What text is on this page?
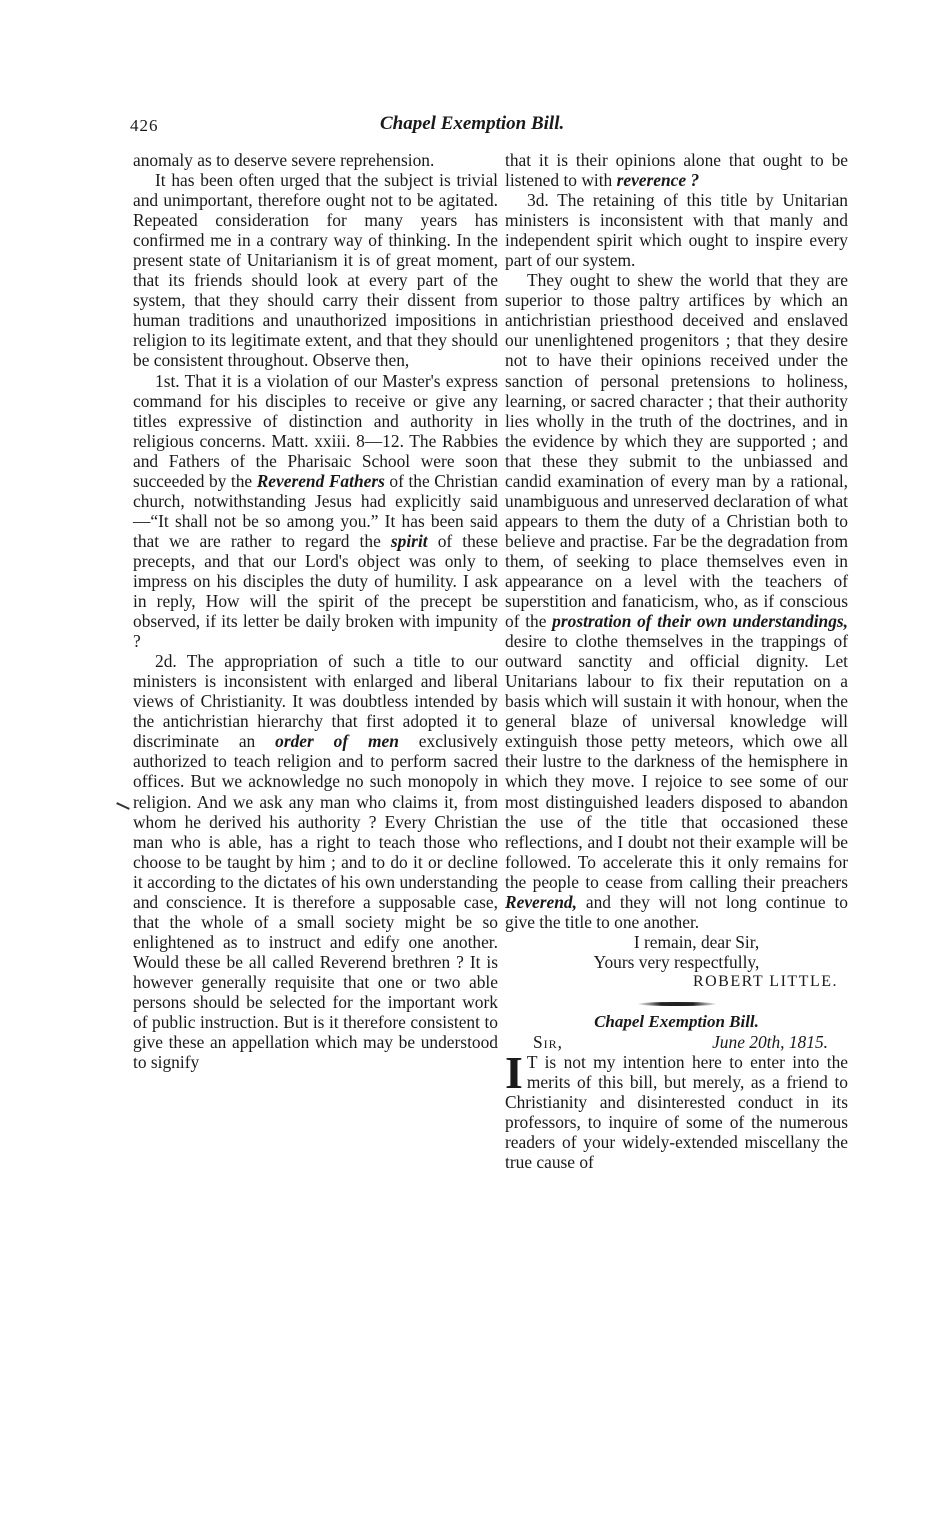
426	Chapel Exemption Bill.

anomaly as to deserve severe reprehension.

It has been often urged that the subject is trivial and unimportant, therefore ought not to be agitated. Repeated consideration for many years has confirmed me in a contrary way of thinking. In the present state of Unitarianism it is of great moment, that its friends should look at every part of the system, that they should carry their dissent from human traditions and unauthorized impositions in religion to its legitimate extent, and that they should be consistent throughout. Observe then,

1st. That it is a violation of our Master's express command for his disciples to receive or give any titles expressive of distinction and authority in religious concerns. Matt. xxiii. 8—12. The Rabbies and Fathers of the Pharisaic School were soon succeeded by the Reverend Fathers of the Christian church, notwithstanding Jesus had explicitly said—“It shall not be so among you.” It has been said that we are rather to regard the spirit of these precepts, and that our Lord's object was only to impress on his disciples the duty of humility. I ask in reply, How will the spirit of the precept be observed, if its letter be daily broken with impunity ?

2d. The appropriation of such a title to our ministers is inconsistent with enlarged and liberal views of Christianity. It was doubtless intended by the antichristian hierarchy that first adopted it to discriminate an order of men exclusively authorized to teach religion and to perform sacred offices. But we acknowledge no such monopoly in religion. And we ask any man who claims it, from whom he derived his authority ? Every Christian man who is able, has a right to teach those who choose to be taught by him ; and to do it or decline it according to the dictates of his own understanding and conscience. It is therefore a supposable case, that the whole of a small society might be so enlightened as to instruct and edify one another. Would these be all called Reverend brethren ? It is however generally requisite that one or two able persons should be selected for the important work of public instruction. But is it therefore consistent to give these an appellation which may be understood to signify

that it is their opinions alone that ought to be listened to with reverence ?

3d. The retaining of this title by Unitarian ministers is inconsistent with that manly and independent spirit which ought to inspire every part of our system.

They ought to shew the world that they are superior to those paltry artifices by which an antichristian priesthood deceived and enslaved our unenlightened progenitors ; that they desire not to have their opinions received under the sanction of personal pretensions to holiness, learning, or sacred character ; that their authority lies wholly in the truth of the doctrines, and in the evidence by which they are supported ; and that these they submit to the unbiassed and candid examination of every man by a rational, unambiguous and unreserved declaration of what appears to them the duty of a Christian both to believe and practise. Far be the degradation from them, of seeking to place themselves even in appearance on a level with the teachers of superstition and fanaticism, who, as if conscious of the prostration of their own understandings, desire to clothe themselves in the trappings of outward sanctity and official dignity. Let Unitarians labour to fix their reputation on a basis which will sustain it with honour, when the general blaze of universal knowledge will extinguish those petty meteors, which owe all their lustre to the darkness of the hemisphere in which they move. I rejoice to see some of our most distinguished leaders disposed to abandon the use of the title that occasioned these reflections, and I doubt not their example will be followed. To accelerate this it only remains for the people to cease from calling their preachers Reverend, and they will not long continue to give the title to one another.

I remain, dear Sir,

Yours very respectfully,

ROBERT LITTLE.

Chapel Exemption Bill.

Sir,	June 20th, 1815.

I T is not my intention here to enter into the merits of this bill, but merely, as a friend to Christianity and disinterested conduct in its professors, to inquire of some of the numerous readers of your widely-extended miscellany the true cause of
